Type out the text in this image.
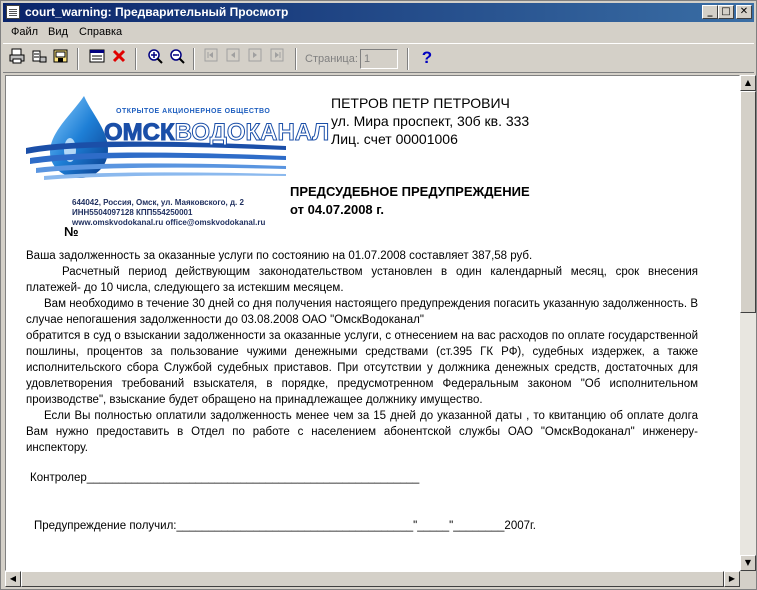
court_warning: Предварительный Просмотр	_ □ ✕
Файл Вид Справка
Страница:
1	?
ОТКРЫТОЕ АКЦИОНЕРНОЕ ОБЩЕСТВО
ОМСКВОДОКАНАЛ
644042, Россия, Омск, ул. Маяковского, д. 2
ИНН5504097128 КПП554250001
www.omskvodokanal.ru office@omskvodokanal.ru
ПЕТРОВ ПЕТР ПЕТРОВИЧ
ул. Мира проспект, 30б кв. 333
Лиц. счет 00001006
ПРЕДСУДЕБНОЕ ПРЕДУПРЕЖДЕНИЕ
от 04.07.2008 г.
№

Ваша задолженность за оказанные услуги по состоянию на 01.07.2008 составляет 387,58 руб.

Расчетный период действующим законодательством установлен в один календарный месяц, срок внесения платежей- до 10 числа, следующего за истекшим месяцем.

Вам необходимо в течение 30 дней со дня получения настоящего предупреждения погасить указанную задолженность. В случае непогашения задолженности до 03.08.2008 ОАО "ОмскВодоканал"

обратится в суд о взыскании задолженности за оказанные услуги, с отнесением на вас расходов по оплате государственной пошлины, процентов за пользование чужими денежными средствами (ст.395 ГК РФ), судебных издержек, а также исполнительского сбора Службой судебных приставов. При отсутствии у должника денежных средств, достаточных для удовлетворения требований взыскателя, в порядке, предусмотренном Федеральным законом "Об исполнительном производстве", взыскание будет обращено на принадлежащее должнику имущество.

Если Вы полностью оплатили задолженность менее чем за 15 дней до указанной даты , то квитанцию об оплате долга Вам нужно предоставить в Отдел по работе с населением абонентской службы ОАО "ОмскВодоканал" инженеру-инспектору.

Контролер____________________________________________________
Предупреждение получил:_____________________________________"_____"________2007г.
▲
▼
◀	▶
